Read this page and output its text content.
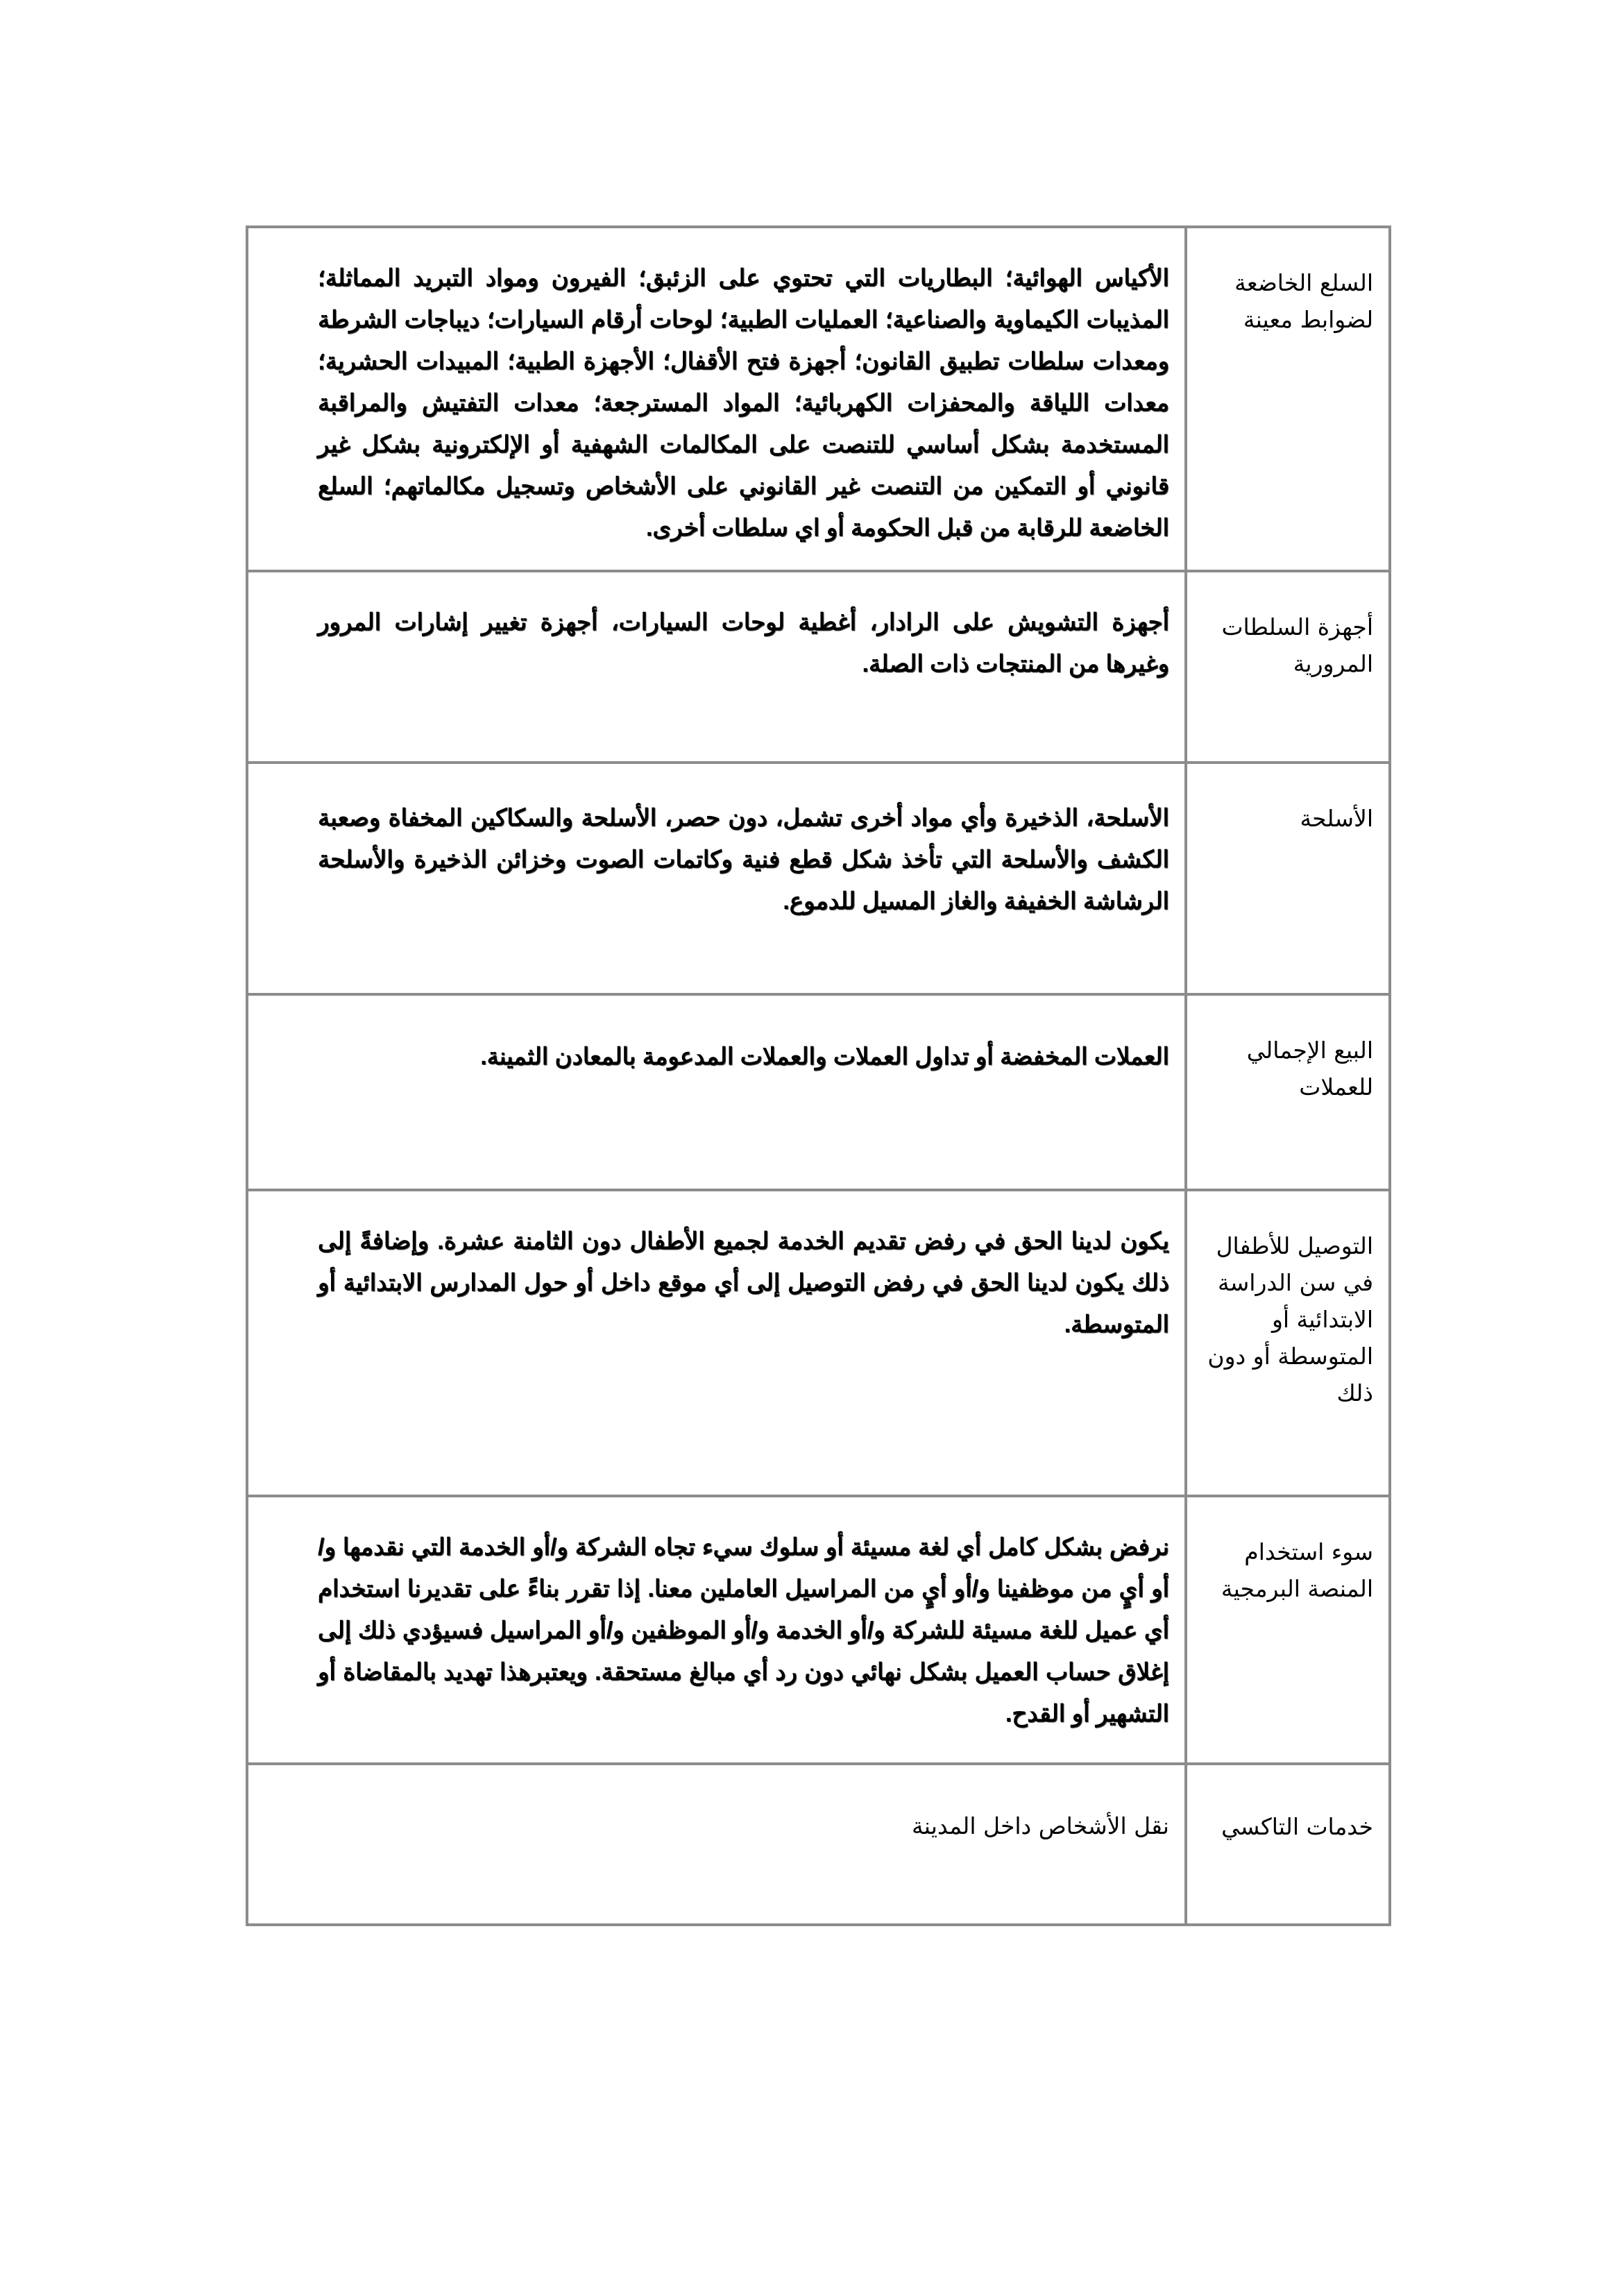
السلع الخاضعة لضوابط معينة	الأكياس الهوائية؛ البطاريات التي تحتوي على الزئبق؛ الفيرون ومواد التبريد المماثلة؛ المذيبات الكيماوية والصناعية؛ العمليات الطبية؛ لوحات أرقام السيارات؛ ديباجات الشرطة ومعدات سلطات تطبيق القانون؛ أجهزة فتح الأقفال؛ الأجهزة الطبية؛ المبيدات الحشرية؛ معدات اللياقة والمحفزات الكهربائية؛ المواد المسترجعة؛ معدات التفتيش والمراقبة المستخدمة بشكل أساسي للتنصت على المكالمات الشهفية أو الإلكترونية بشكل غير قانوني أو التمكين من التنصت غير القانوني على الأشخاص وتسجيل مكالماتهم؛ السلع الخاضعة للرقابة من قبل الحكومة أو اي سلطات أخرى.
أجهزة السلطات المرورية	أجهزة التشويش على الرادار، أغطية لوحات السيارات، أجهزة تغيير إشارات المرور وغيرها من المنتجات ذات الصلة.
الأسلحة	الأسلحة، الذخيرة وأي مواد أخرى تشمل، دون حصر، الأسلحة والسكاكين المخفاة وصعبة الكشف والأسلحة التي تأخذ شكل قطع فنية وكاتمات الصوت وخزائن الذخيرة والأسلحة الرشاشة الخفيفة والغاز المسيل للدموع.
البيع الإجمالي للعملات	العملات المخفضة أو تداول العملات والعملات المدعومة بالمعادن الثمينة.
التوصيل للأطفال في سن الدراسة الابتدائية أو المتوسطة أو دون ذلك	يكون لدينا الحق في رفض تقديم الخدمة لجميع الأطفال دون الثامنة عشرة. وإضافةً إلى ذلك يكون لدينا الحق في رفض التوصيل إلى أي موقع داخل أو حول المدارس الابتدائية أو المتوسطة.
سوء استخدام المنصة البرمجية	نرفض بشكل كامل أي لغة مسيئة أو سلوك سيء تجاه الشركة و/أو الخدمة التي نقدمها و/أو أيٍ من موظفينا و/أو أيٍ من المراسيل العاملين معنا. إذا تقرر بناءً على تقديرنا استخدام أي عميل للغة مسيئة للشركة و/أو الخدمة و/أو الموظفين و/أو المراسيل فسيؤدي ذلك إلى إغلاق حساب العميل بشكل نهائي دون رد أي مبالغ مستحقة. ويعتبرهذا تهديد بالمقاضاة أو التشهير أو القدح.
خدمات التاكسي	نقل الأشخاص داخل المدينة
